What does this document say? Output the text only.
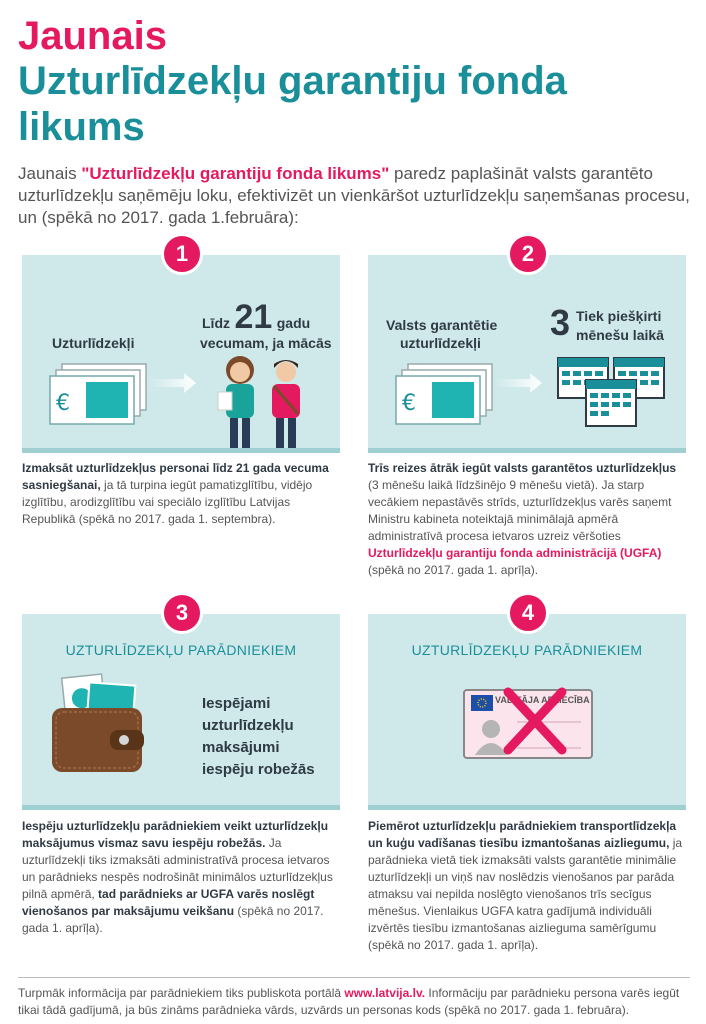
Jaunais
Uzturlīdzekļu garantiju fonda likums
Jaunais "Uzturlīdzekļu garantiju fonda likums" paredz paplašināt valsts garantēto uzturlīdzekļu saņēmēju loku, efektivizēt un vienkāršot uzturlīdzekļu saņemšanas procesu, un (spēkā no 2017. gada 1.februāra):
1
Uzturlīdzekļi
Līdz 21 gadu
vecumam, ja mācās
€
Izmaksāt uzturlīdzekļus personai līdz 21 gada vecuma sasniegšanai, ja tā turpina iegūt pamatizglītību, vidējo izglītību, arodizglītību vai speciālo izglītību Latvijas Republikā (spēkā no 2017. gada 1. septembra).
2
Valsts garantētie
uzturlīdzekļi 3 Tiek piešķirti
mēnešu laikā
€
Trīs reizes ātrāk iegūt valsts garantētos uzturlīdzekļus (3 mēnešu laikā līdzšinējo 9 mēnešu vietā). Ja starp vecākiem nepastāvēs strīds, uzturlīdzekļus varēs saņemt Ministru kabineta noteiktajā minimālajā apmērā administratīvā procesa ietvaros uzreiz vēršoties Uzturlīdzekļu garantiju fonda administrācijā (UGFA) (spēkā no 2017. gada 1. aprīļa).
3
UZTURLĪDZEKĻU PARĀDNIEKIEM
Iespējami
uzturlīdzekļu
maksājumi
iespēju robežās
Iespēju uzturlīdzekļu parādniekiem veikt uzturlīdzekļu maksājumus vismaz savu iespēju robežās. Ja uzturlīdzekļi tiks izmaksāti administratīvā procesa ietvaros un parādnieks nespēs nodrošināt minimālos uzturlīdzekļus pilnā apmērā, tad parādnieks ar UGFA varēs noslēgt vienošanos par maksājumu veikšanu (spēkā no 2017. gada 1. aprīļa).
4
UZTURLĪDZEKĻU PARĀDNIEKIEM
VADĪTĀJA APLIECĪBA
Piemērot uzturlīdzekļu parādniekiem transportlīdzekļa un kuģu vadīšanas tiesību izmantošanas aizliegumu, ja parādnieka vietā tiek izmaksāti valsts garantētie minimālie uzturlīdzekļi un viņš nav noslēdzis vienošanos par parāda atmaksu vai nepilda noslēgto vienošanos trīs secīgus mēnešus. Vienlaikus UGFA katra gadījumā individuāli izvērtēs tiesību izmantošanas aizlieguma samērīgumu (spēkā no 2017. gada 1. aprīļa).
Turpmāk informācija par parādniekiem tiks publiskota portālā www.latvija.lv. Informāciju par parādnieku persona varēs iegūt tikai tādā gadījumā, ja būs zināms parādnieka vārds, uzvārds un personas kods (spēkā no 2017. gada 1. februāra).
